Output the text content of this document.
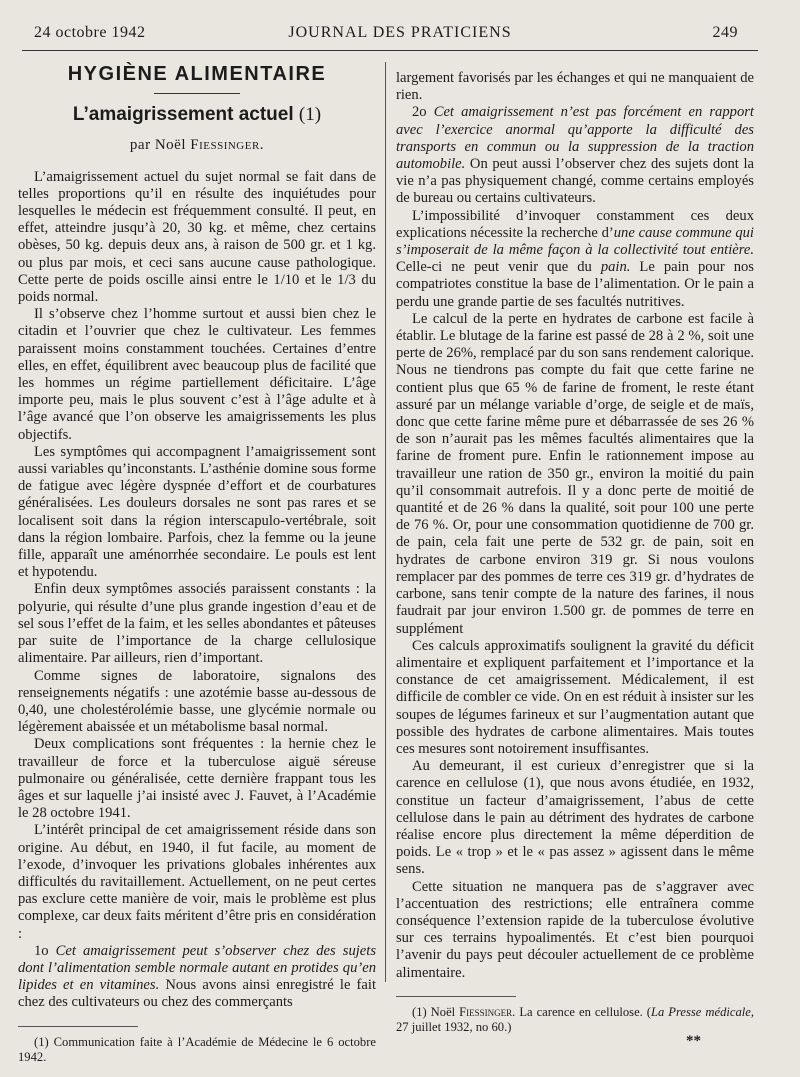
24 octobre 1942	JOURNAL DES PRATICIENS	249
HYGIÈNE ALIMENTAIRE
L’amaigrissement actuel (1)
par Noël Fiessinger.

L’amaigrissement actuel du sujet normal se fait dans de telles proportions qu’il en résulte des inquiétudes pour lesquelles le médecin est fréquemment consulté. Il peut, en effet, atteindre jusqu’à 20, 30 kg. et même, chez certains obèses, 50 kg. depuis deux ans, à raison de 500 gr. et 1 kg. ou plus par mois, et ceci sans aucune cause pathologique. Cette perte de poids oscille ainsi entre le 1/10 et le 1/3 du poids normal.

Il s’observe chez l’homme surtout et aussi bien chez le citadin et l’ouvrier que chez le cultivateur. Les femmes paraissent moins constamment touchées. Certaines d’entre elles, en effet, équilibrent avec beaucoup plus de facilité que les hommes un régime partiellement déficitaire. L’âge importe peu, mais le plus souvent c’est à l’âge adulte et à l’âge avancé que l’on observe les amaigrissements les plus objectifs.

Les symptômes qui accompagnent l’amaigrissement sont aussi variables qu’inconstants. L’asthénie domine sous forme de fatigue avec légère dyspnée d’effort et de courbatures généralisées. Les douleurs dorsales ne sont pas rares et se localisent soit dans la région interscapulo-vertébrale, soit dans la région lombaire. Parfois, chez la femme ou la jeune fille, apparaît une aménorrhée secondaire. Le pouls est lent et hypotendu.

Enfin deux symptômes associés paraissent constants : la polyurie, qui résulte d’une plus grande ingestion d’eau et de sel sous l’effet de la faim, et les selles abondantes et pâteuses par suite de l’importance de la charge cellulosique alimentaire. Par ailleurs, rien d’important.

Comme signes de laboratoire, signalons des renseignements négatifs : une azotémie basse au-dessous de 0,40, une cholestérolémie basse, une glycémie normale ou légèrement abaissée et un métabolisme basal normal.

Deux complications sont fréquentes : la hernie chez le travailleur de force et la tuberculose aiguë séreuse pulmonaire ou généralisée, cette dernière frappant tous les âges et sur laquelle j’ai insisté avec J. Fauvet, à l’Académie le 28 octobre 1941.

L’intérêt principal de cet amaigrissement réside dans son origine. Au début, en 1940, il fut facile, au moment de l’exode, d’invoquer les privations globales inhérentes aux difficultés du ravitaillement. Actuellement, on ne peut certes pas exclure cette manière de voir, mais le problème est plus complexe, car deux faits méritent d’être pris en considération :

1o Cet amaigrissement peut s’observer chez des sujets dont l’alimentation semble normale autant en protides qu’en lipides et en vitamines. Nous avons ainsi enregistré le fait chez des cultivateurs ou chez des commerçants

(1) Communication faite à l’Académie de Médecine le 6 octobre 1942.

largement favorisés par les échanges et qui ne manquaient de rien.

2o Cet amaigrissement n’est pas forcément en rapport avec l’exercice anormal qu’apporte la difficulté des transports en commun ou la suppression de la traction automobile. On peut aussi l’observer chez des sujets dont la vie n’a pas physiquement changé, comme certains employés de bureau ou certains cultivateurs.

L’impossibilité d’invoquer constamment ces deux explications nécessite la recherche d’une cause commune qui s’imposerait de la même façon à la collectivité tout entière. Celle-ci ne peut venir que du pain. Le pain pour nos compatriotes constitue la base de l’alimentation. Or le pain a perdu une grande partie de ses facultés nutritives.

Le calcul de la perte en hydrates de carbone est facile à établir. Le blutage de la farine est passé de 28 à 2 %, soit une perte de 26%, remplacé par du son sans rendement calorique. Nous ne tiendrons pas compte du fait que cette farine ne contient plus que 65 % de farine de froment, le reste étant assuré par un mélange variable d’orge, de seigle et de maïs, donc que cette farine même pure et débarrassée de ses 26 % de son n’aurait pas les mêmes facultés alimentaires que la farine de froment pure. Enfin le rationnement impose au travailleur une ration de 350 gr., environ la moitié du pain qu’il consommait autrefois. Il y a donc perte de moitié de quantité et de 26 % dans la qualité, soit pour 100 une perte de 76 %. Or, pour une consommation quotidienne de 700 gr. de pain, cela fait une perte de 532 gr. de pain, soit en hydrates de carbone environ 319 gr. Si nous voulons remplacer par des pommes de terre ces 319 gr. d’hydrates de carbone, sans tenir compte de la nature des farines, il nous faudrait par jour environ 1.500 gr. de pommes de terre en supplément

Ces calculs approximatifs soulignent la gravité du déficit alimentaire et expliquent parfaitement et l’importance et la constance de cet amaigrissement. Médicalement, il est difficile de combler ce vide. On en est réduit à insister sur les soupes de légumes farineux et sur l’augmentation autant que possible des hydrates de carbone alimentaires. Mais toutes ces mesures sont notoirement insuffisantes.

Au demeurant, il est curieux d’enregistrer que si la carence en cellulose (1), que nous avons étudiée, en 1932, constitue un facteur d’amaigrissement, l’abus de cette cellulose dans le pain au détriment des hydrates de carbone réalise encore plus directement la même déperdition de poids. Le « trop » et le « pas assez » agissent dans le même sens.

Cette situation ne manquera pas de s’aggraver avec l’accentuation des restrictions; elle entraînera comme conséquence l’extension rapide de la tuberculose évolutive sur ces terrains hypoalimentés. Et c’est bien pourquoi l’avenir du pays peut découler actuellement de ce problème alimentaire.

(1) Noël Fiessinger. La carence en cellulose. (La Presse médicale, 27 juillet 1932, no 60.)

**
